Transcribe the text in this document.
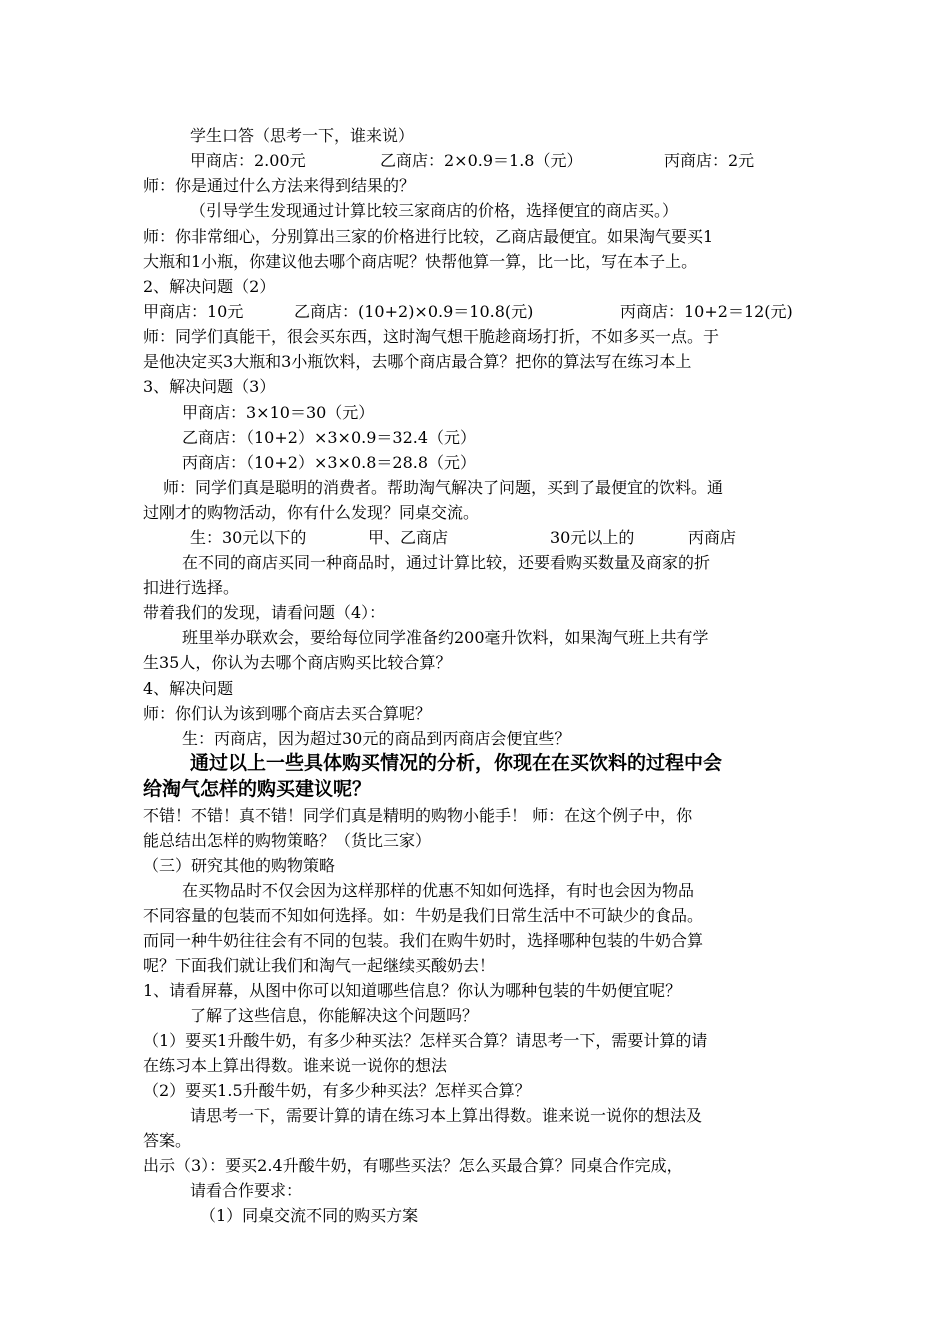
学生口答（思考一下，谁来说）
甲商店：2.00元	乙商店：2×0.9＝1.8（元）	丙商店：2元
师：你是通过什么方法来得到结果的？
（引导学生发现通过计算比较三家商店的价格，选择便宜的商店买。）
师：你非常细心，分别算出三家的价格进行比较，乙商店最便宜。如果淘气要买1
大瓶和1小瓶，你建议他去哪个商店呢？快帮他算一算，比一比，写在本子上。
2、解决问题（2）
甲商店：10元	乙商店：(10+2)×0.9＝10.8(元)	丙商店：10+2＝12(元)
师：同学们真能干，很会买东西，这时淘气想干脆趁商场打折，不如多买一点。于
是他决定买3大瓶和3小瓶饮料，去哪个商店最合算？把你的算法写在练习本上
3、解决问题（3）
甲商店：3×10＝30（元）
乙商店：（10+2）×3×0.9＝32.4（元）
丙商店：（10+2）×3×0.8＝28.8（元）
师：同学们真是聪明的消费者。帮助淘气解决了问题，买到了最便宜的饮料。通
过刚才的购物活动，你有什么发现？同桌交流。
生：30元以下的	甲、乙商店	30元以上的	丙商店
在不同的商店买同一种商品时，通过计算比较，还要看购买数量及商家的折
扣进行选择。
带着我们的发现，请看问题（4）：
班里举办联欢会，要给每位同学准备约200毫升饮料，如果淘气班上共有学
生35人，你认为去哪个商店购买比较合算？
4、解决问题
师：你们认为该到哪个商店去买合算呢？
生：丙商店，因为超过30元的商品到丙商店会便宜些？
通过以上一些具体购买情况的分析，你现在在买饮料的过程中会
给淘气怎样的购买建议呢？
不错！不错！真不错！同学们真是精明的购物小能手！ 师：在这个例子中，你
能总结出怎样的购物策略？（货比三家）
（三）研究其他的购物策略
在买物品时不仅会因为这样那样的优惠不知如何选择，有时也会因为物品
不同容量的包装而不知如何选择。如：牛奶是我们日常生活中不可缺少的食品。
而同一种牛奶往往会有不同的包装。我们在购牛奶时，选择哪种包装的牛奶合算
呢？下面我们就让我们和淘气一起继续买酸奶去！
1、请看屏幕，从图中你可以知道哪些信息？你认为哪种包装的牛奶便宜呢？
了解了这些信息，你能解决这个问题吗？
（1）要买1升酸牛奶，有多少种买法？怎样买合算？请思考一下，需要计算的请
在练习本上算出得数。谁来说一说你的想法
（2）要买1.5升酸牛奶，有多少种买法？怎样买合算？
请思考一下，需要计算的请在练习本上算出得数。谁来说一说你的想法及
答案。
出示（3）：要买2.4升酸牛奶，有哪些买法？怎么买最合算？同桌合作完成，
请看合作要求：
（1）同桌交流不同的购买方案
